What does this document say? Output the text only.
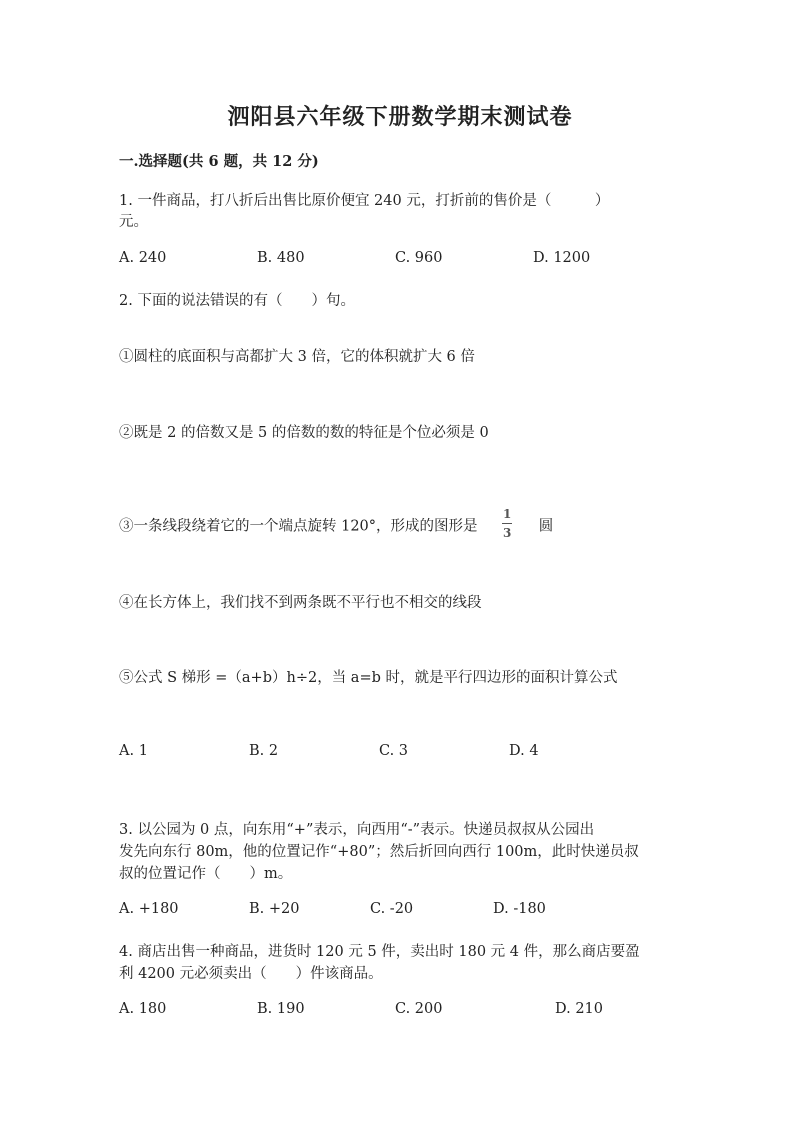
泗阳县六年级下册数学期末测试卷
一.选择题(共 6 题，共 12 分)
1. 一件商品，打八折后出售比原价便宜 240 元，打折前的售价是（　　　）
元。
A. 240	B. 480	C. 960	D. 1200
2. 下面的说法错误的有（　　）句。
①圆柱的底面积与高都扩大 3 倍，它的体积就扩大 6 倍
②既是 2 的倍数又是 5 的倍数的数的特征是个位必须是 0
③一条线段绕着它的一个端点旋转 120°，形成的图形是 $\frac{1}{3}$ 圆
④在长方体上，我们找不到两条既不平行也不相交的线段
⑤公式 S 梯形 =（a+b）h÷2，当 a=b 时，就是平行四边形的面积计算公式
A. 1	B. 2	C. 3	D. 4
3. 以公园为 0 点，向东用“+”表示，向西用“-”表示。快递员叔叔从公园出
发先向东行 80m，他的位置记作“+80”；然后折回向西行 100m，此时快递员叔
叔的位置记作（　　）m。
A. +180	B. +20	C. -20	D. -180
4. 商店出售一种商品，进货时 120 元 5 件，卖出时 180 元 4 件，那么商店要盈
利 4200 元必须卖出（　　）件该商品。
A. 180	B. 190	C. 200	D. 210
